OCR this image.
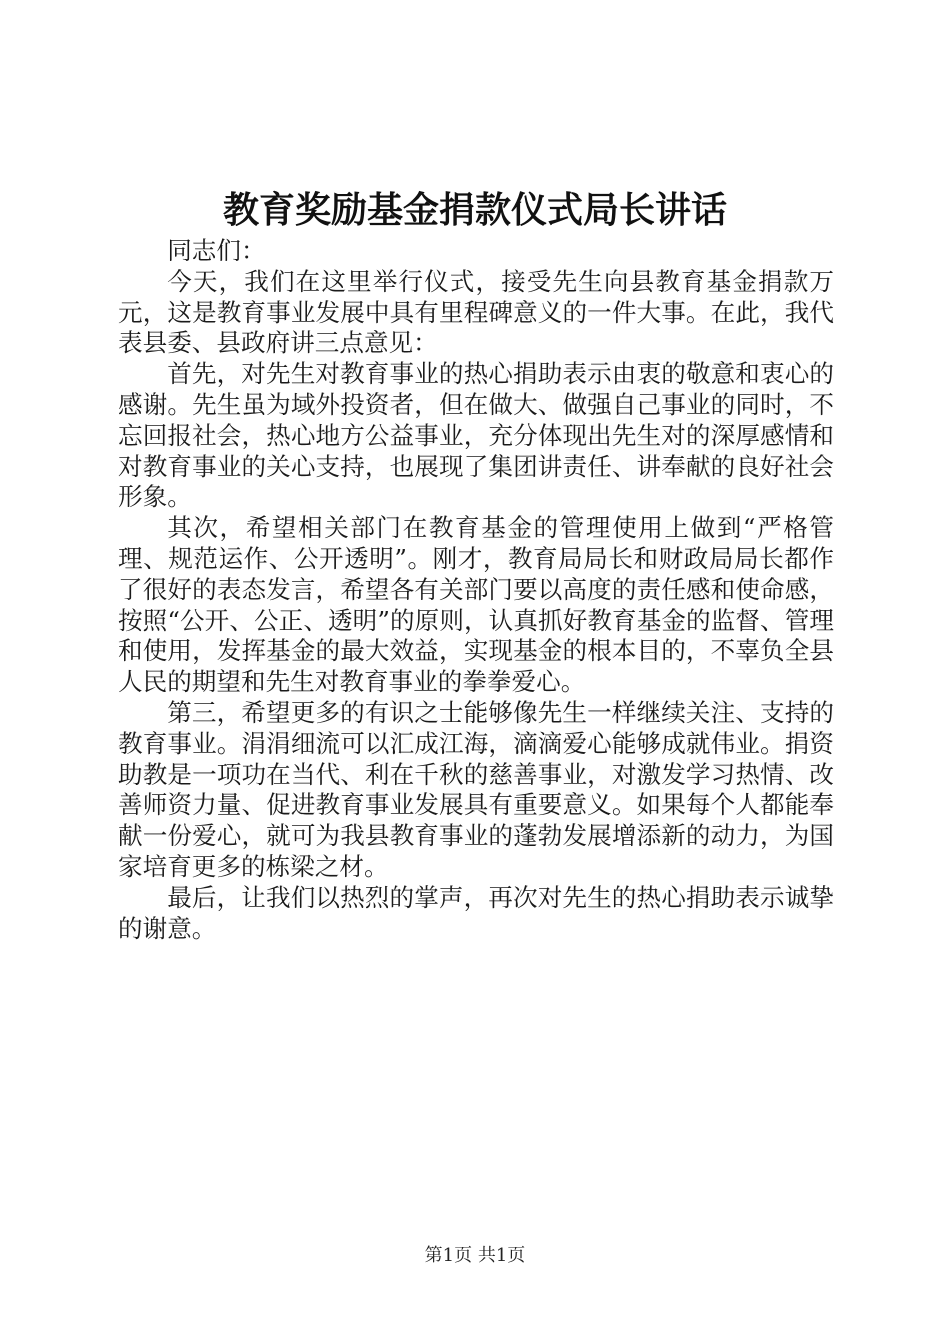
教育奖励基金捐款仪式局长讲话

同志们：

今天，我们在这里举行仪式，接受先生向县教育基金捐款万元，这是教育事业发展中具有里程碑意义的一件大事。在此，我代表县委、县政府讲三点意见：

首先，对先生对教育事业的热心捐助表示由衷的敬意和衷心的感谢。先生虽为域外投资者，但在做大、做强自己事业的同时，不忘回报社会，热心地方公益事业，充分体现出先生对的深厚感情和对教育事业的关心支持，也展现了集团讲责任、讲奉献的良好社会形象。

其次，希望相关部门在教育基金的管理使用上做到“严格管理、规范运作、公开透明”。刚才，教育局局长和财政局局长都作了很好的表态发言，希望各有关部门要以高度的责任感和使命感，按照“公开、公正、透明”的原则，认真抓好教育基金的监督、管理和使用，发挥基金的最大效益，实现基金的根本目的，不辜负全县人民的期望和先生对教育事业的拳拳爱心。

第三，希望更多的有识之士能够像先生一样继续关注、支持的教育事业。涓涓细流可以汇成江海，滴滴爱心能够成就伟业。捐资助教是一项功在当代、利在千秋的慈善事业，对激发学习热情、改善师资力量、促进教育事业发展具有重要意义。如果每个人都能奉献一份爱心，就可为我县教育事业的蓬勃发展增添新的动力，为国家培育更多的栋梁之材。

最后，让我们以热烈的掌声，再次对先生的热心捐助表示诚挚的谢意。

第1页 共1页
